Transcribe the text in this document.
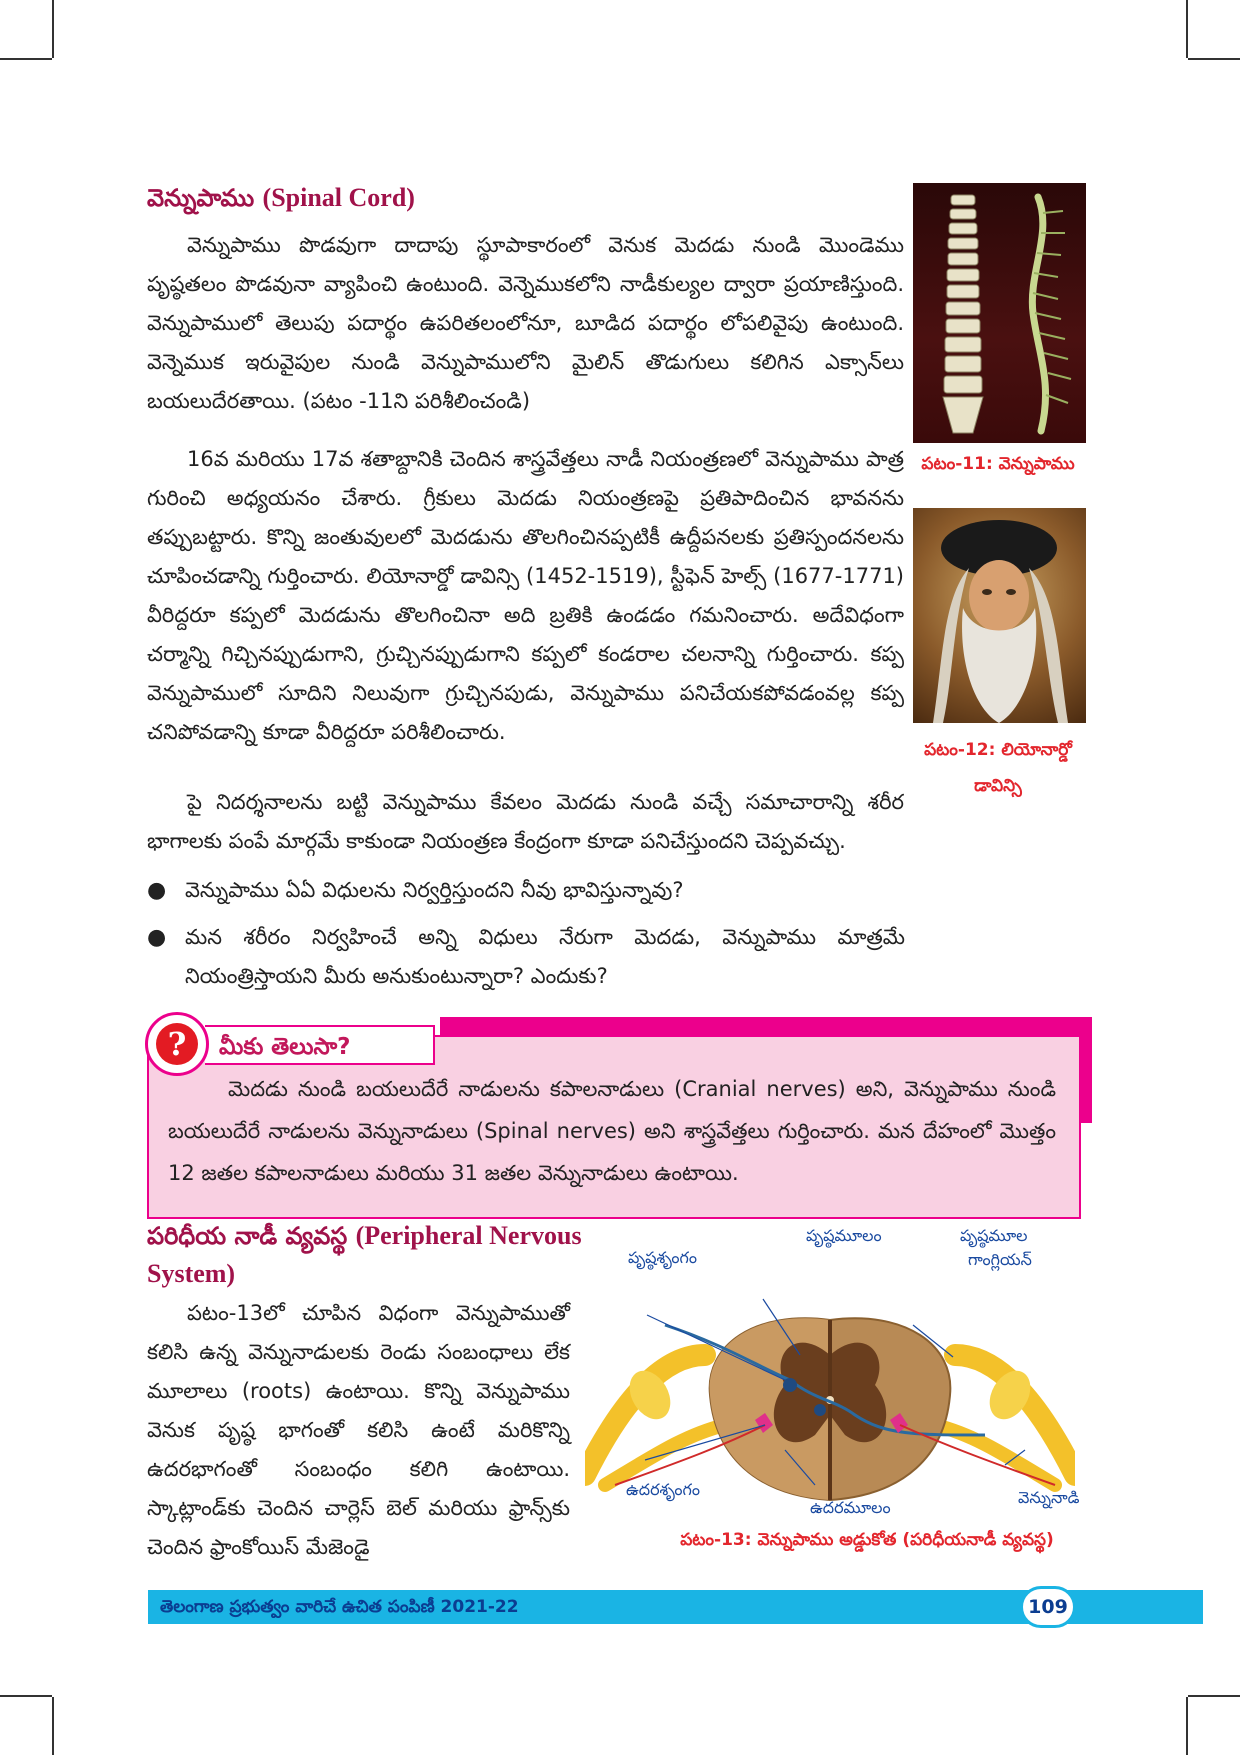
వెన్నుపాము (Spinal Cord)

వెన్నుపాము పొడవుగా దాదాపు స్థూపాకారంలో వెనుక మెదడు నుండి మొండెము పృష్ఠతలం పొడవునా వ్యాపించి ఉంటుంది. వెన్నెముకలోని నాడీకుల్యల ద్వారా ప్రయాణిస్తుంది. వెన్నుపాములో తెలుపు పదార్థం ఉపరితలంలోనూ, బూడిద పదార్థం లోపలివైపు ఉంటుంది. వెన్నెముక ఇరువైపుల నుండి వెన్నుపాములోని మైలిన్ తొడుగులు కలిగిన ఎక్సాన్‌లు బయలుదేరతాయి. (పటం -11ని పరిశీలించండి)

16వ మరియు 17వ శతాబ్దానికి చెందిన శాస్త్రవేత్తలు నాడీ నియంత్రణలో వెన్నుపాము పాత్ర గురించి అధ్యయనం చేశారు. గ్రీకులు మెదడు నియంత్రణపై ప్రతిపాదించిన భావనను తప్పుబట్టారు. కొన్ని జంతువులలో మెదడును తొలగించినప్పటికీ ఉద్దీపనలకు ప్రతిస్పందనలను చూపించడాన్ని గుర్తించారు. లియోనార్డో డావిన్సి (1452-1519), స్టీఫెన్ హెల్స్ (1677-1771) వీరిద్దరూ కప్పలో మెదడును తొలగించినా అది బ్రతికి ఉండడం గమనించారు. అదేవిధంగా చర్మాన్ని గిచ్చినప్పుడుగాని, గ్రుచ్చినప్పుడుగాని కప్పలో కండరాల చలనాన్ని గుర్తించారు. కప్ప వెన్నుపాములో సూదిని నిలువుగా గ్రుచ్చినపుడు, వెన్నుపాము పనిచేయకపోవడంవల్ల కప్ప చనిపోవడాన్ని కూడా వీరిద్దరూ పరిశీలించారు.

పై నిదర్శనాలను బట్టి వెన్నుపాము కేవలం మెదడు నుండి వచ్చే సమాచారాన్ని శరీర భాగాలకు పంపే మార్గమే కాకుండా నియంత్రణ కేంద్రంగా కూడా పనిచేస్తుందని చెప్పవచ్చు.

● వెన్నుపాము ఏఏ విధులను నిర్వర్తిస్తుందని నీవు భావిస్తున్నావు?
● మన శరీరం నిర్వహించే అన్ని విధులు నేరుగా మెదడు, వెన్నుపాము మాత్రమే నియంత్రిస్తాయని మీరు అనుకుంటున్నారా? ఎందుకు?
పటం-11: వెన్నుపాము
పటం-12: లియోనార్డో
డావిన్సి
మీకు తెలుసా?
?

మెదడు నుండి బయలుదేరే నాడులను కపాలనాడులు (Cranial nerves) అని, వెన్నుపాము నుండి బయలుదేరే నాడులను వెన్నునాడులు (Spinal nerves) అని శాస్త్రవేత్తలు గుర్తించారు. మన దేహంలో మొత్తం 12 జతల కపాలనాడులు మరియు 31 జతల వెన్నునాడులు ఉంటాయి.

పరిధీయ నాడీ వ్యవస్థ (Peripheral Nervous
System)

పటం-13లో చూపిన విధంగా వెన్నుపాముతో కలిసి ఉన్న వెన్నునాడులకు రెండు సంబంధాలు లేక మూలాలు (roots) ఉంటాయి. కొన్ని వెన్నుపాము వెనుక పృష్ఠ భాగంతో కలిసి ఉంటే మరికొన్ని ఉదరభాగంతో సంబంధం కలిగి ఉంటాయి. స్కాట్లాండ్‌కు చెందిన చార్లెస్ బెల్ మరియు ఫ్రాన్స్‌కు చెందిన ఫ్రాంకోయిస్ మేజెండై

పృష్ఠశృంగం
పృష్ఠమూలం	పృష్ఠమూల
గాంగ్లియన్
ఉదరశృంగం
ఉదరమూలం
వెన్నునాడి
పటం-13: వెన్నుపాము అడ్డుకోత (పరిధీయనాడీ వ్యవస్థ)
తెలంగాణ ప్రభుత్వం వారిచే ఉచిత పంపిణీ 2021-22	109
